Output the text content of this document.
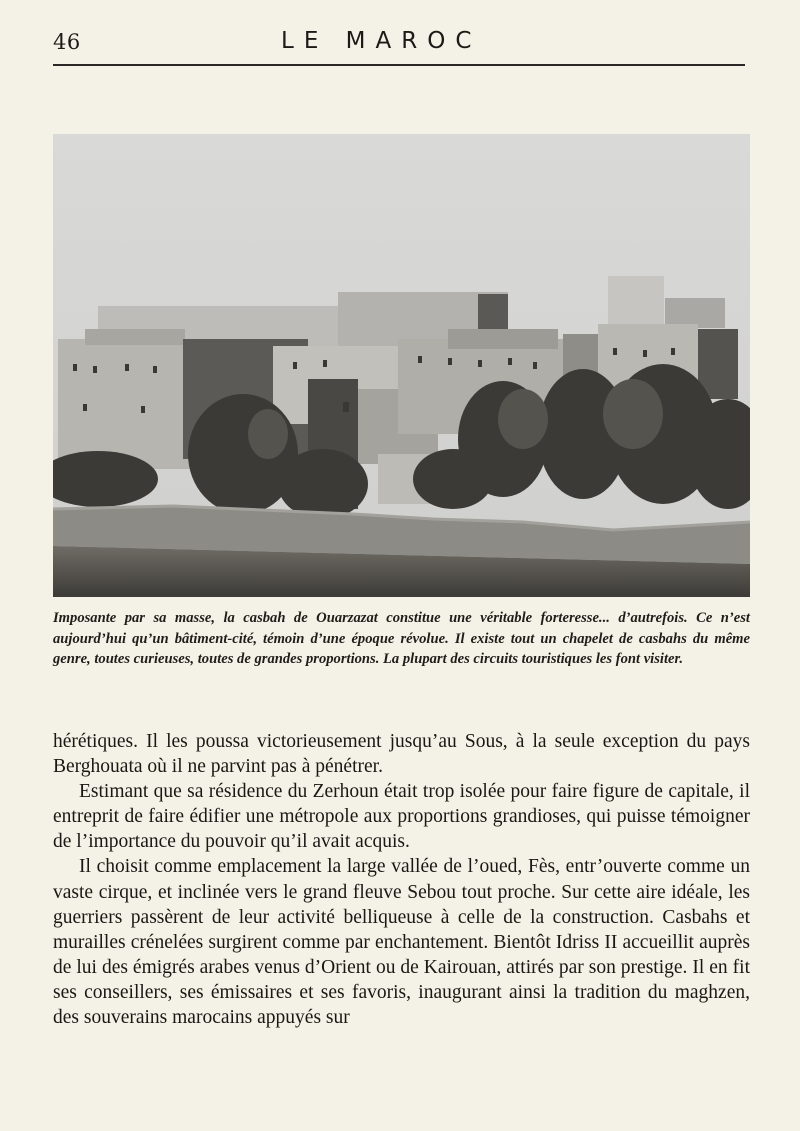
46	LE MAROC
Imposante par sa masse, la casbah de Ouarzazat constitue une véritable forteresse... d’autrefois. Ce n’est aujourd’hui qu’un bâtiment-cité, témoin d’une époque révolue. Il existe tout un chapelet de casbahs du même genre, toutes curieuses, toutes de grandes proportions. La plupart des circuits touristiques les font visiter.

hérétiques. Il les poussa victorieusement jusqu’au Sous, à la seule exception du pays Berghouata où il ne parvint pas à pénétrer.

Estimant que sa résidence du Zerhoun était trop isolée pour faire figure de capitale, il entreprit de faire édifier une métropole aux proportions grandioses, qui puisse témoigner de l’importance du pouvoir qu’il avait acquis.

Il choisit comme emplacement la large vallée de l’oued, Fès, entr’ouverte comme un vaste cirque, et inclinée vers le grand fleuve Sebou tout proche. Sur cette aire idéale, les guerriers passèrent de leur activité belliqueuse à celle de la construction. Casbahs et murailles crénelées surgirent comme par enchantement. Bientôt Idriss II accueillit auprès de lui des émigrés arabes venus d’Orient ou de Kairouan, attirés par son prestige. Il en fit ses conseillers, ses émissaires et ses favoris, inaugurant ainsi la tradition du maghzen, des souverains marocains appuyés sur
